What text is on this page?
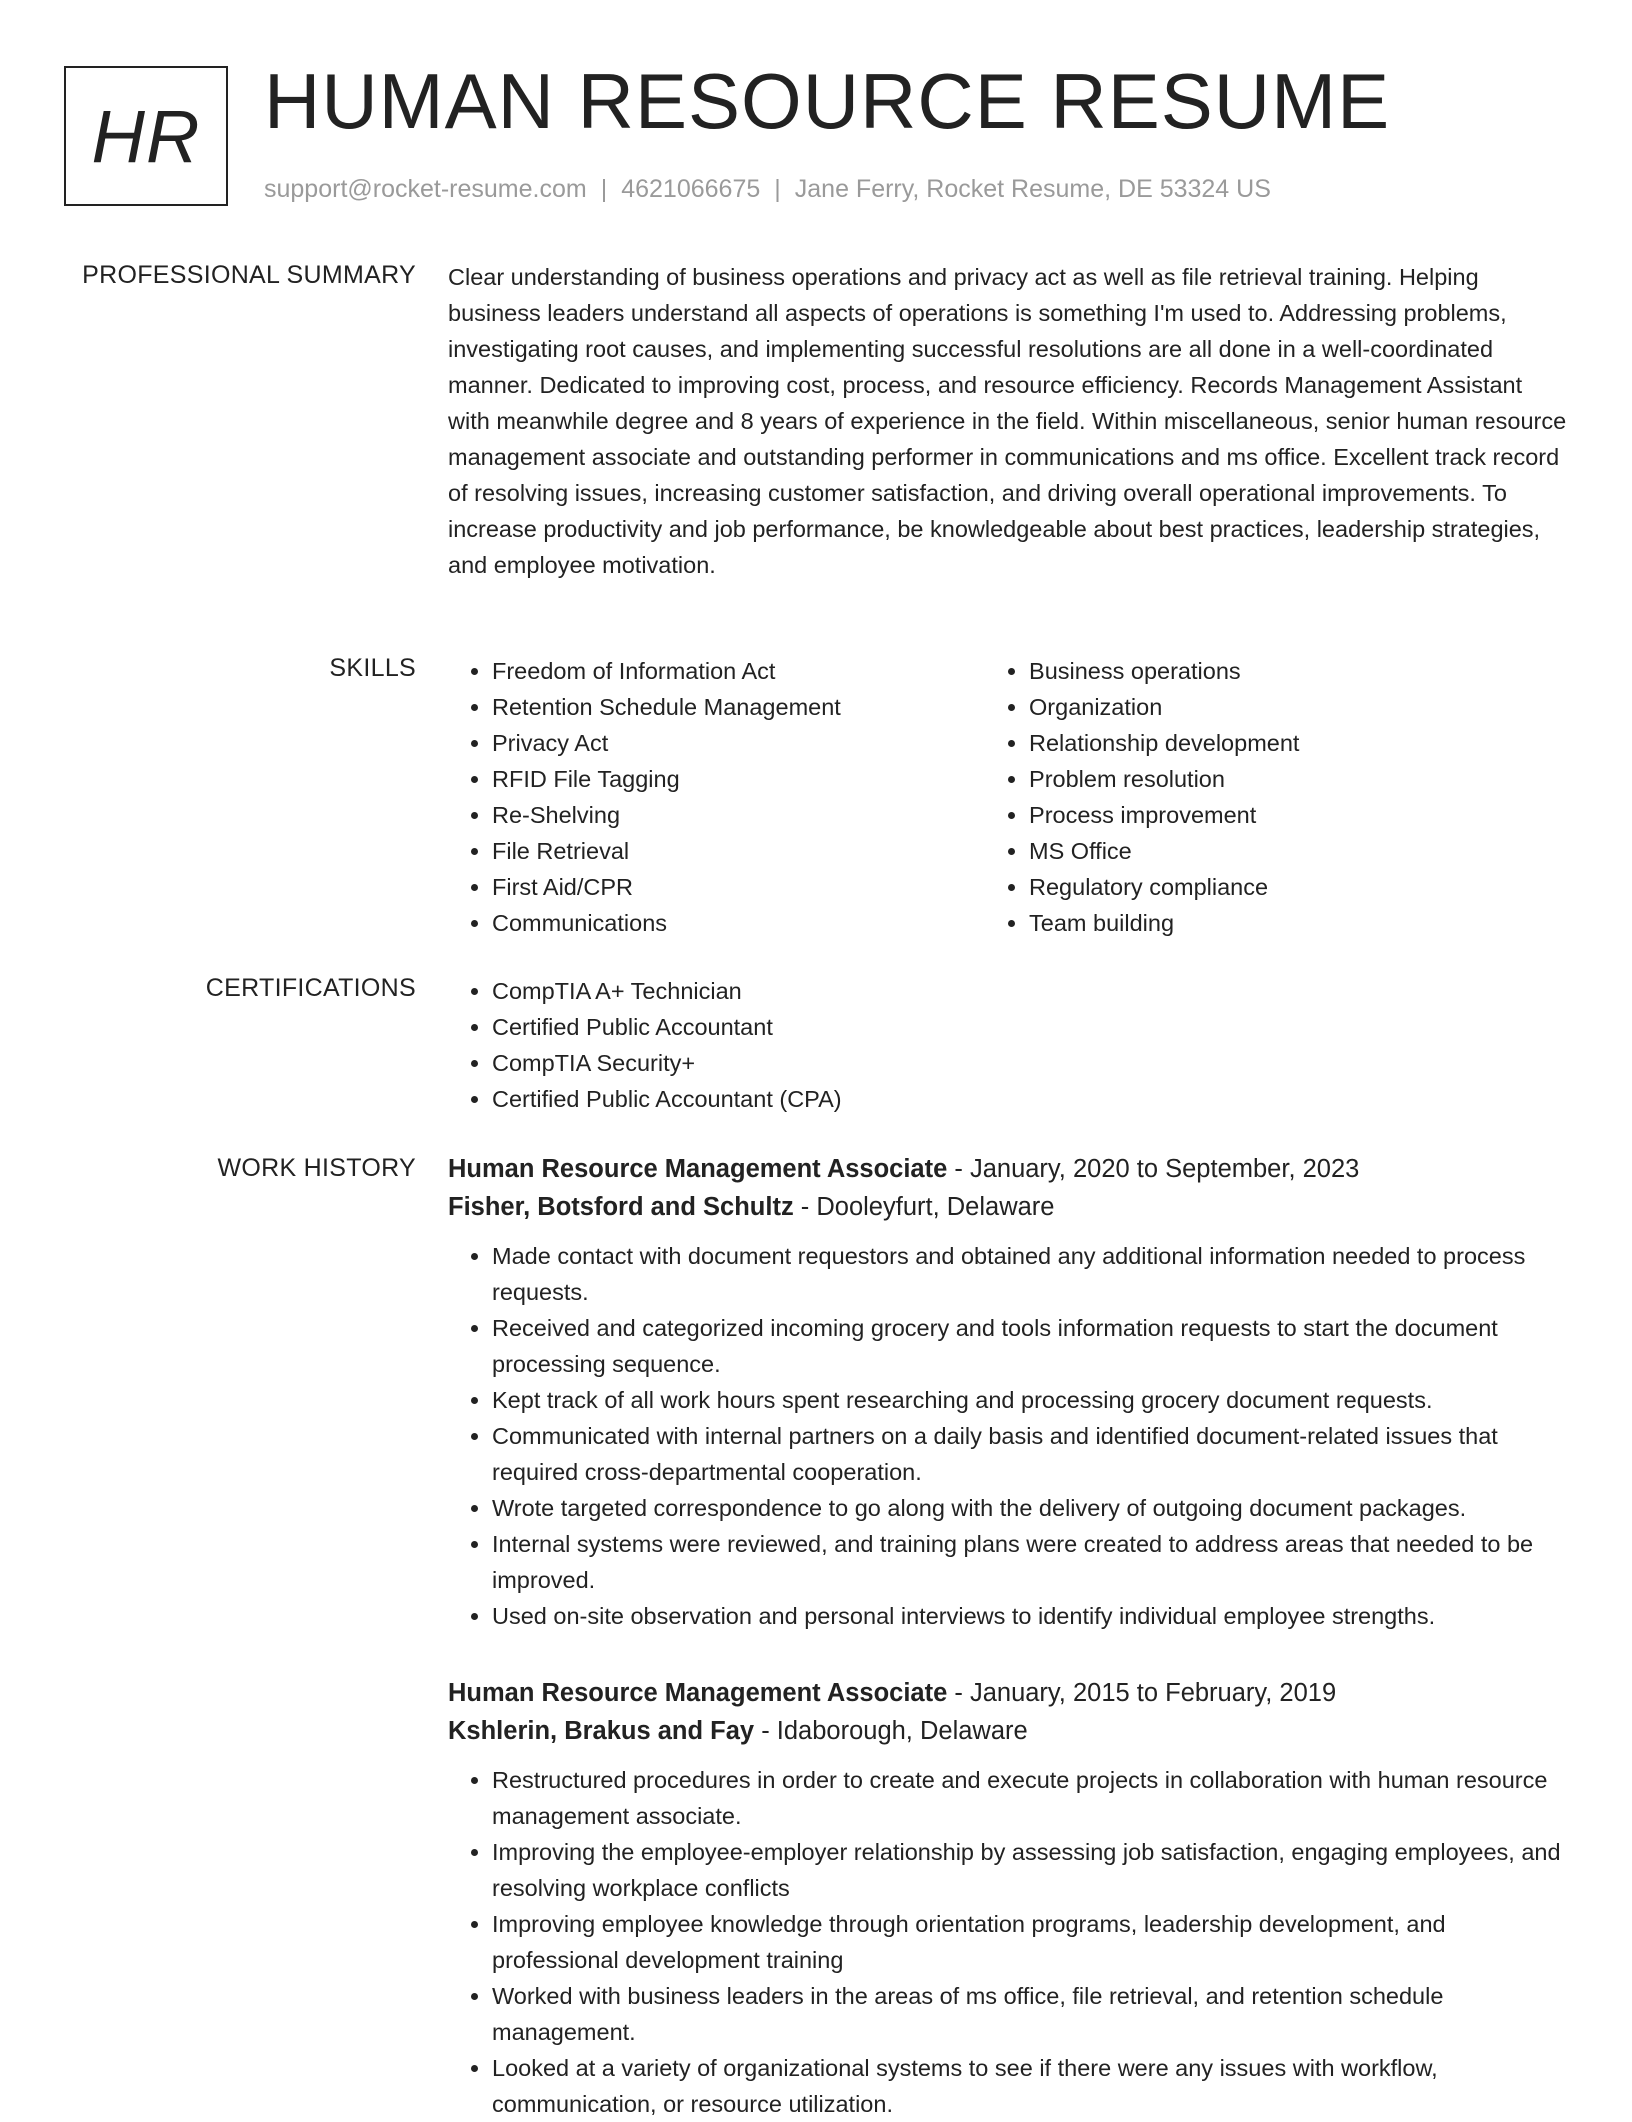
HR HUMAN RESOURCE RESUME
support@rocket-resume.com | 4621066675 | Jane Ferry, Rocket Resume, DE 53324 US
PROFESSIONAL SUMMARY Clear understanding of business operations and privacy act as well as file retrieval training. Helping business leaders understand all aspects of operations is something I'm used to. Addressing problems, investigating root causes, and implementing successful resolutions are all done in a well-coordinated manner. Dedicated to improving cost, process, and resource efficiency. Records Management Assistant with meanwhile degree and 8 years of experience in the field. Within miscellaneous, senior human resource management associate and outstanding performer in communications and ms office. Excellent track record of resolving issues, increasing customer satisfaction, and driving overall operational improvements. To increase productivity and job performance, be knowledgeable about best practices, leadership strategies, and employee motivation.
SKILLS	• Freedom of Information Act
• Retention Schedule Management
• Privacy Act
• RFID File Tagging
• Re-Shelving
• File Retrieval
• First Aid/CPR
• Communications
• Business operations
• Organization
• Relationship development
• Problem resolution
• Process improvement
• MS Office
• Regulatory compliance
• Team building
CERTIFICATIONS	• CompTIA A+ Technician
• Certified Public Accountant
• CompTIA Security+
• Certified Public Accountant (CPA)
WORK HISTORY Human Resource Management Associate - January, 2020 to September, 2023
Fisher, Botsford and Schultz - Dooleyfurt, Delaware
• Made contact with document requestors and obtained any additional information needed to process requests.
• Received and categorized incoming grocery and tools information requests to start the document processing sequence.
• Kept track of all work hours spent researching and processing grocery document requests.
• Communicated with internal partners on a daily basis and identified document-related issues that required cross-departmental cooperation.
• Wrote targeted correspondence to go along with the delivery of outgoing document packages.
• Internal systems were reviewed, and training plans were created to address areas that needed to be improved.
• Used on-site observation and personal interviews to identify individual employee strengths.
Human Resource Management Associate - January, 2015 to February, 2019
Kshlerin, Brakus and Fay - Idaborough, Delaware
• Restructured procedures in order to create and execute projects in collaboration with human resource management associate.
• Improving the employee-employer relationship by assessing job satisfaction, engaging employees, and resolving workplace conflicts
• Improving employee knowledge through orientation programs, leadership development, and professional development training
• Worked with business leaders in the areas of ms office, file retrieval, and retention schedule management.
• Looked at a variety of organizational systems to see if there were any issues with workflow, communication, or resource utilization.
